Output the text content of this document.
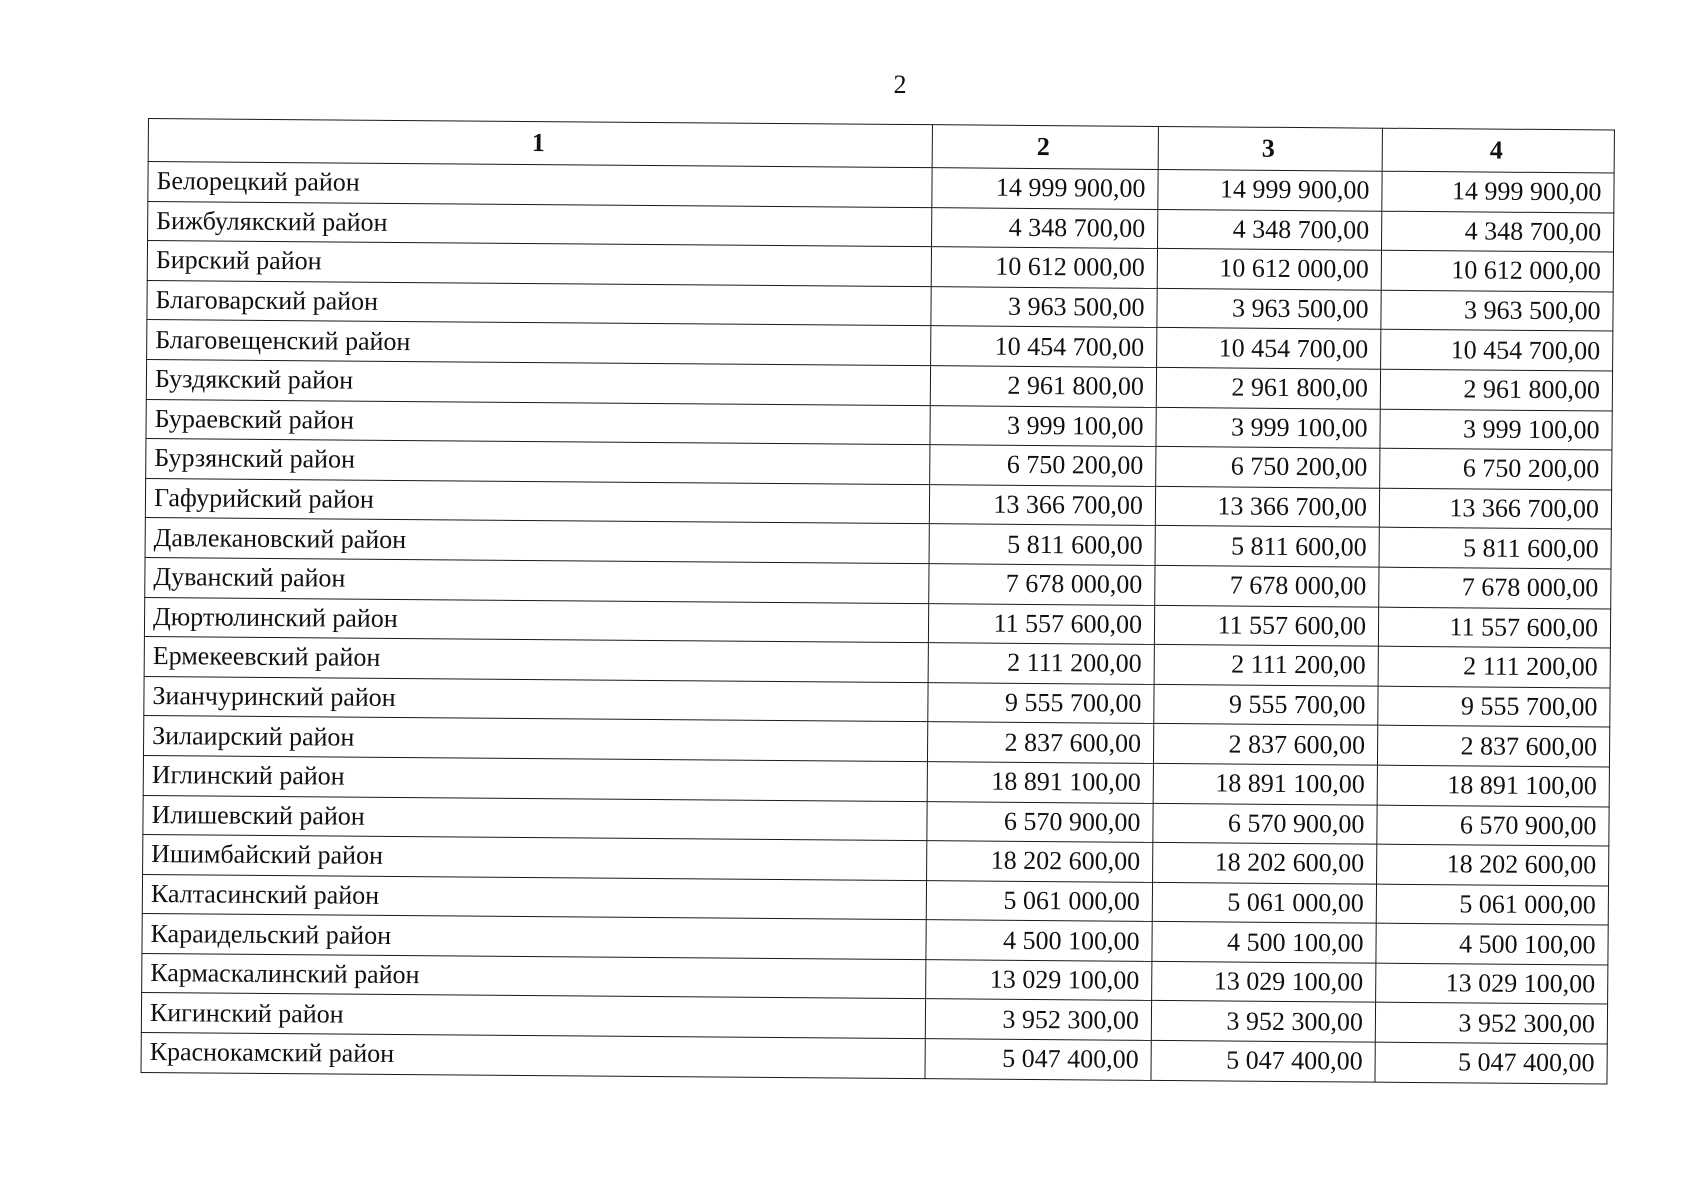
2
1	2	3	4
Белорецкий район	14 999 900,00	14 999 900,00	14 999 900,00
Бижбулякский район	4 348 700,00	4 348 700,00	4 348 700,00
Бирский район	10 612 000,00	10 612 000,00	10 612 000,00
Благоварский район	3 963 500,00	3 963 500,00	3 963 500,00
Благовещенский район	10 454 700,00	10 454 700,00	10 454 700,00
Буздякский район	2 961 800,00	2 961 800,00	2 961 800,00
Бураевский район	3 999 100,00	3 999 100,00	3 999 100,00
Бурзянский район	6 750 200,00	6 750 200,00	6 750 200,00
Гафурийский район	13 366 700,00	13 366 700,00	13 366 700,00
Давлекановский район	5 811 600,00	5 811 600,00	5 811 600,00
Дуванский район	7 678 000,00	7 678 000,00	7 678 000,00
Дюртюлинский район	11 557 600,00	11 557 600,00	11 557 600,00
Ермекеевский район	2 111 200,00	2 111 200,00	2 111 200,00
Зианчуринский район	9 555 700,00	9 555 700,00	9 555 700,00
Зилаирский район	2 837 600,00	2 837 600,00	2 837 600,00
Иглинский район	18 891 100,00	18 891 100,00	18 891 100,00
Илишевский район	6 570 900,00	6 570 900,00	6 570 900,00
Ишимбайский район	18 202 600,00	18 202 600,00	18 202 600,00
Калтасинский район	5 061 000,00	5 061 000,00	5 061 000,00
Караидельский район	4 500 100,00	4 500 100,00	4 500 100,00
Кармаскалинский район	13 029 100,00	13 029 100,00	13 029 100,00
Кигинский район	3 952 300,00	3 952 300,00	3 952 300,00
Краснокамский район	5 047 400,00	5 047 400,00	5 047 400,00
